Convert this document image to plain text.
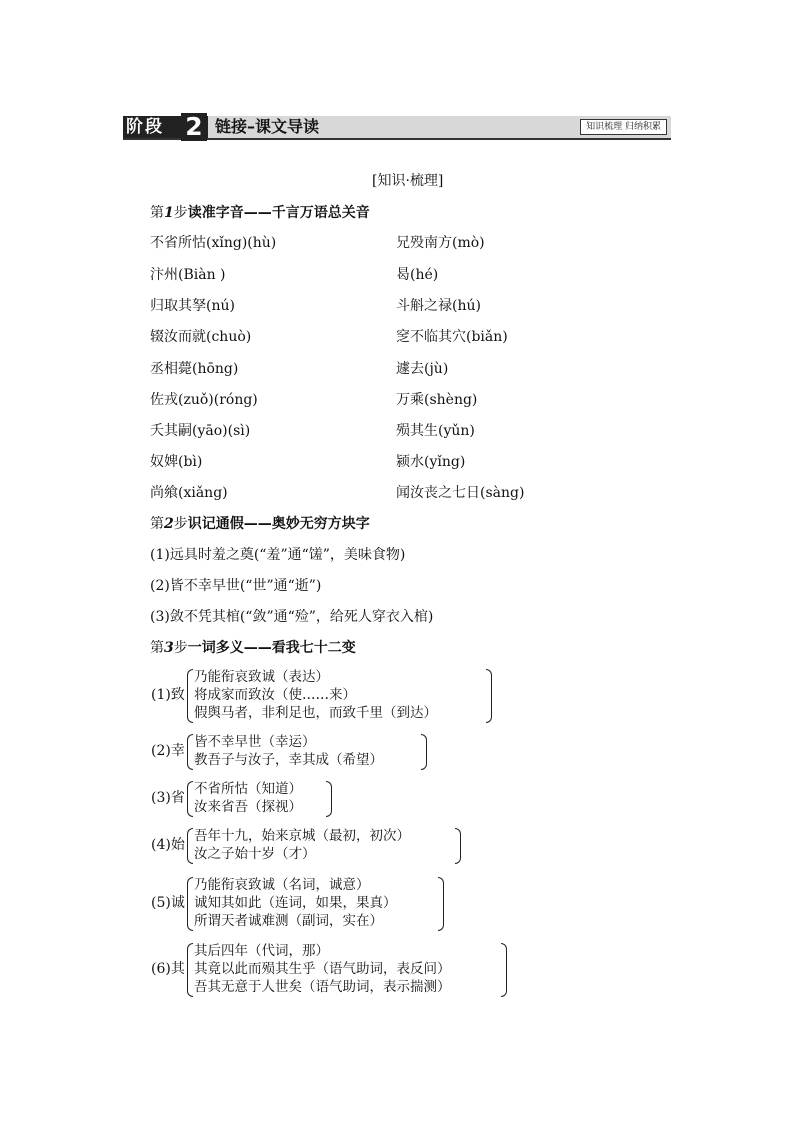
阶段 2 链接–课文导读	知识梳理 归纳积累
[知识·梳理]
第1步读准字音——千言万语总关音
不省所怙(xǐng)(hù)	兄殁南方(mò)
汴州(Biàn )	曷(hé)
归取其孥(nú)	斗斛之禄(hú)
辍汝而就(chuò)	窆不临其穴(biǎn)
丞相薨(hōng)	遽去(jù)
佐戎(zuǒ)(róng)	万乘(shèng)
夭其嗣(yāo)(sì)	殒其生(yǔn)
奴婢(bì)	颍水(yǐng)
尚飨(xiǎng)	闻汝丧之七日(sàng)
第2步识记通假——奥妙无穷方块字
(1)远具时羞之奠(“羞”通“馐”，美味食物)
(2)皆不幸早世(“世”通“逝”)
(3)敛不凭其棺(“敛”通“殓”，给死人穿衣入棺)
第3步一词多义——看我七十二变
(1)致
乃能衔哀致诚（表达）
将成家而致汝（使……来）
假舆马者，非利足也，而致千里（到达）
(2)幸
皆不幸早世（幸运）
教吾子与汝子，幸其成（希望）
(3)省
不省所怙（知道）
汝来省吾（探视）
(4)始
吾年十九，始来京城（最初，初次）
汝之子始十岁（才）
(5)诚
乃能衔哀致诚（名词，诚意）
诚知其如此（连词，如果，果真）
所谓天者诚难测（副词，实在）
(6)其
其后四年（代词，那）
其竟以此而殒其生乎（语气助词，表反问）
吾其无意于人世矣（语气助词，表示揣测）
